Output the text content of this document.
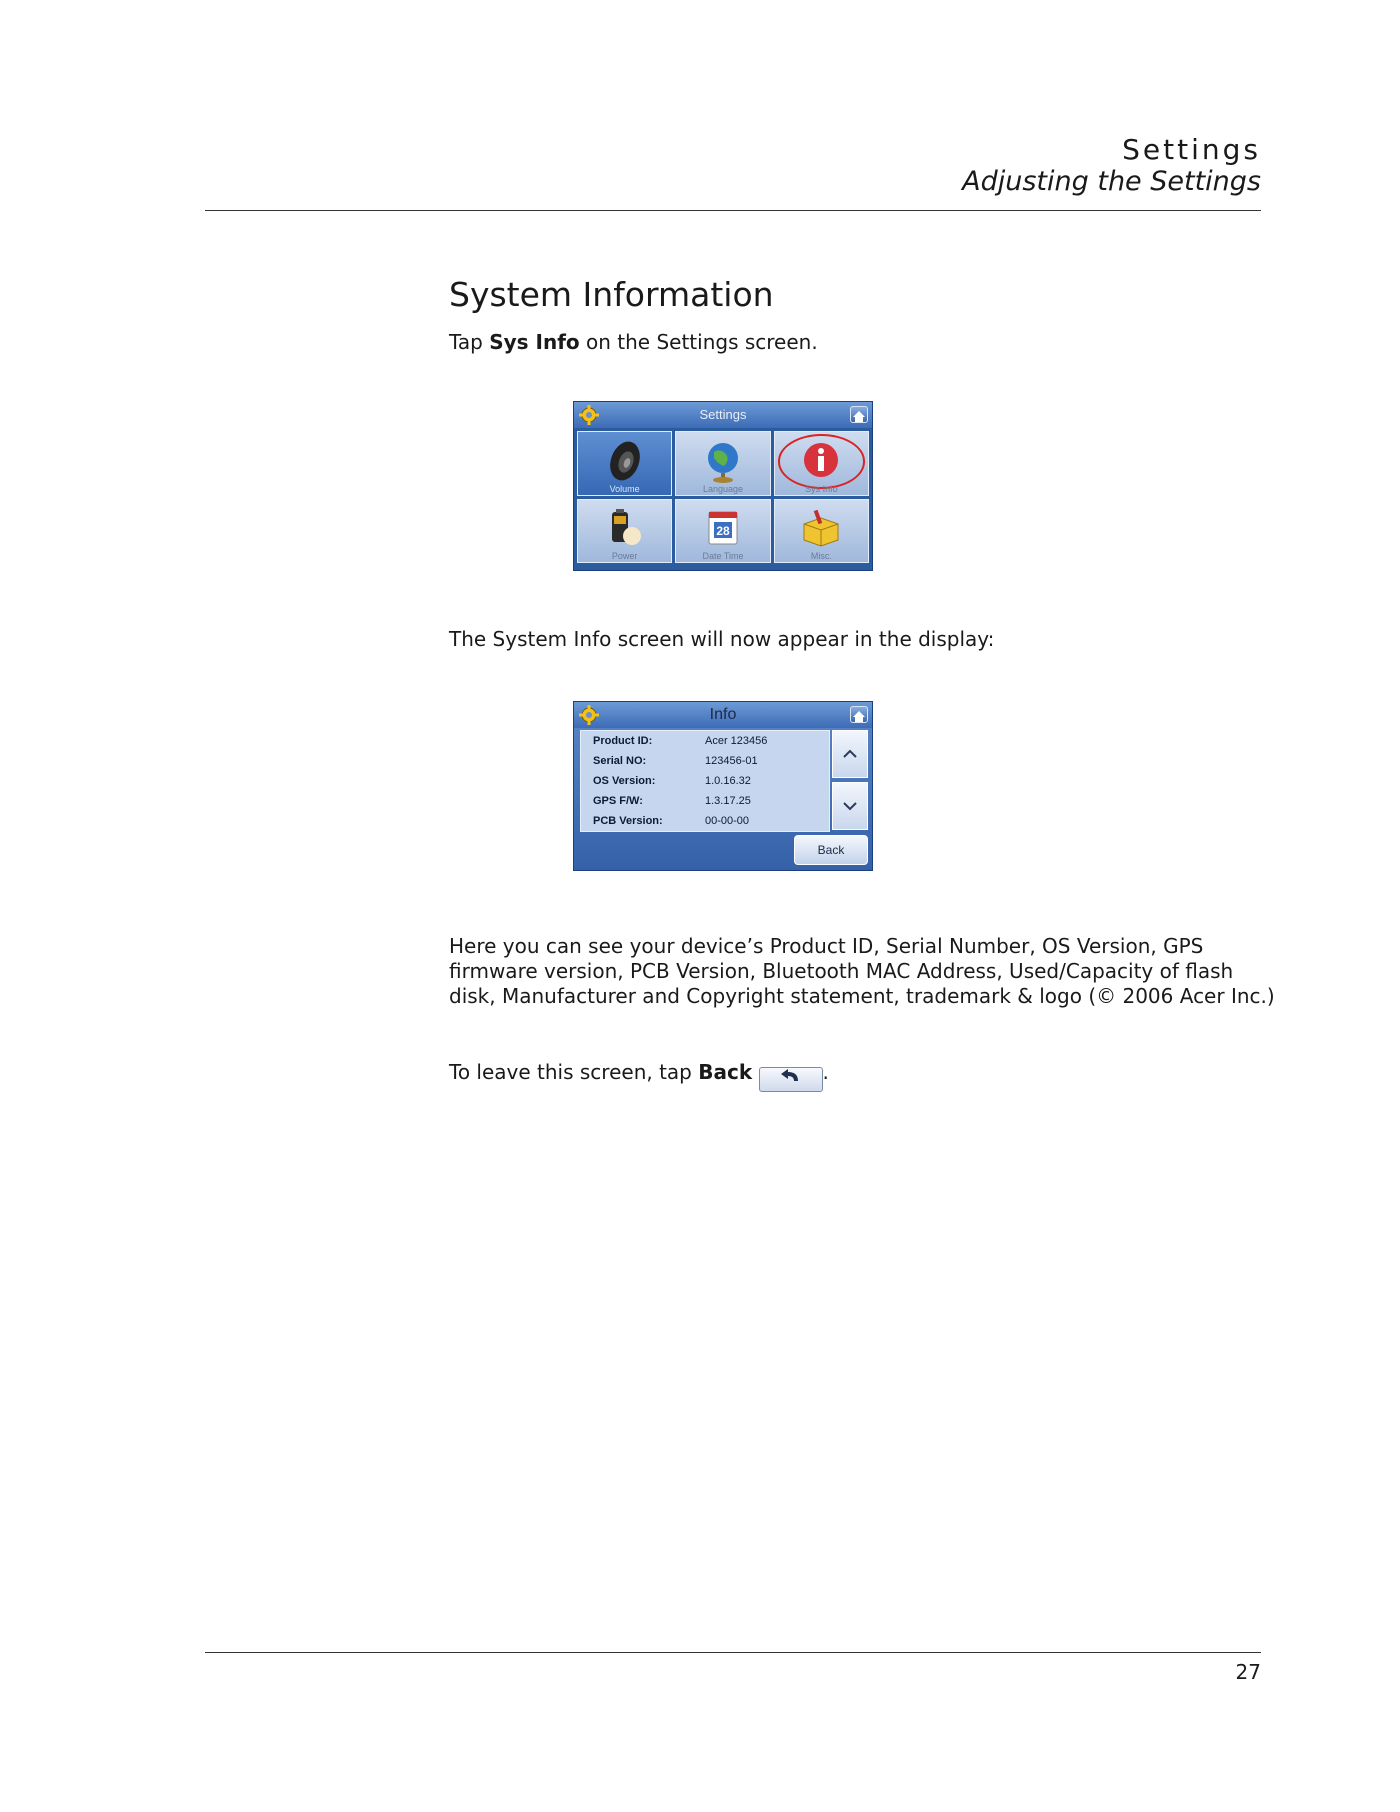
Settings
Adjusting the Settings
System Information

Tap Sys Info on the Settings screen.

Settings
Volume	Language	Sys Info
Power
28
Date Time	Misc.

The System Info screen will now appear in the display:

Info
Product ID:	Acer 123456
Serial NO:	123456-01
OS Version:	1.0.16.32
GPS F/W:	1.3.17.25
PCB Version:	00-00-00
Back

Here you can see your device’s Product ID, Serial Number, OS Version, GPS firmware version, PCB Version, Bluetooth MAC Address, Used/Capacity of flash disk, Manufacturer and Copyright statement, trademark & logo (© 2006 Acer Inc.)

To leave this screen, tap Back	.

27
